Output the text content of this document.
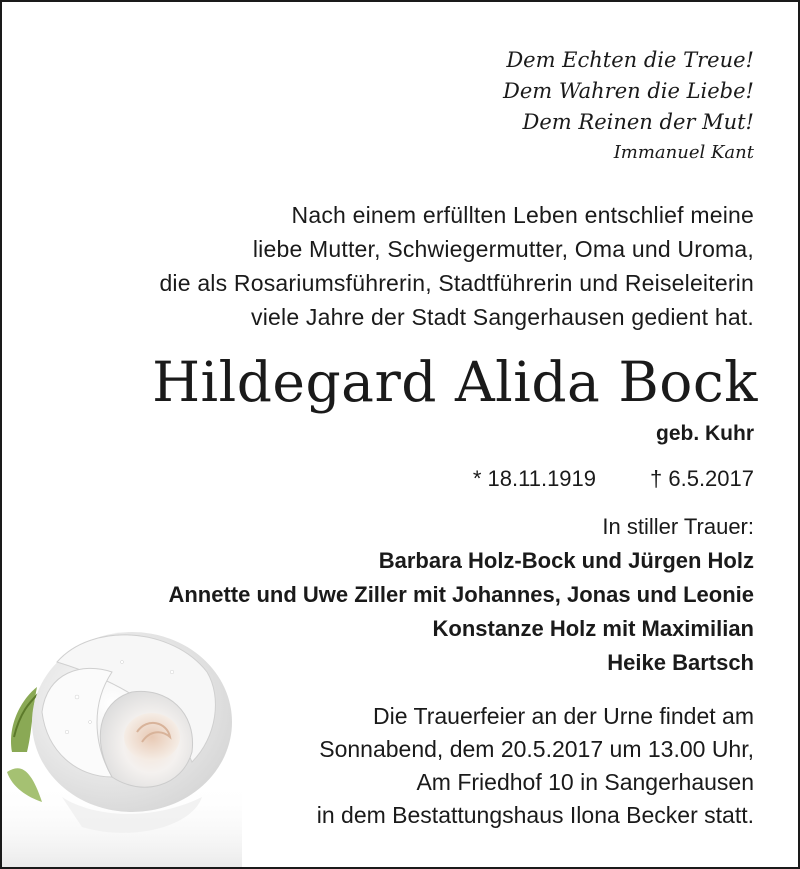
Dem Echten die Treue!
Dem Wahren die Liebe!
Dem Reinen der Mut!
Immanuel Kant
Nach einem erfüllten Leben entschlief meine
liebe Mutter, Schwiegermutter, Oma und Uroma,
die als Rosariumsführerin, Stadtführerin und Reiseleiterin
viele Jahre der Stadt Sangerhausen gedient hat.
Hildegard Alida Bock
geb. Kuhr
* 18.11.1919 † 6.5.2017
In stiller Trauer:
Barbara Holz-Bock und Jürgen Holz
Annette und Uwe Ziller mit Johannes, Jonas und Leonie
Konstanze Holz mit Maximilian
Heike Bartsch
Die Trauerfeier an der Urne findet am
Sonnabend, dem 20.5.2017 um 13.00 Uhr,
Am Friedhof 10 in Sangerhausen
in dem Bestattungshaus Ilona Becker statt.
